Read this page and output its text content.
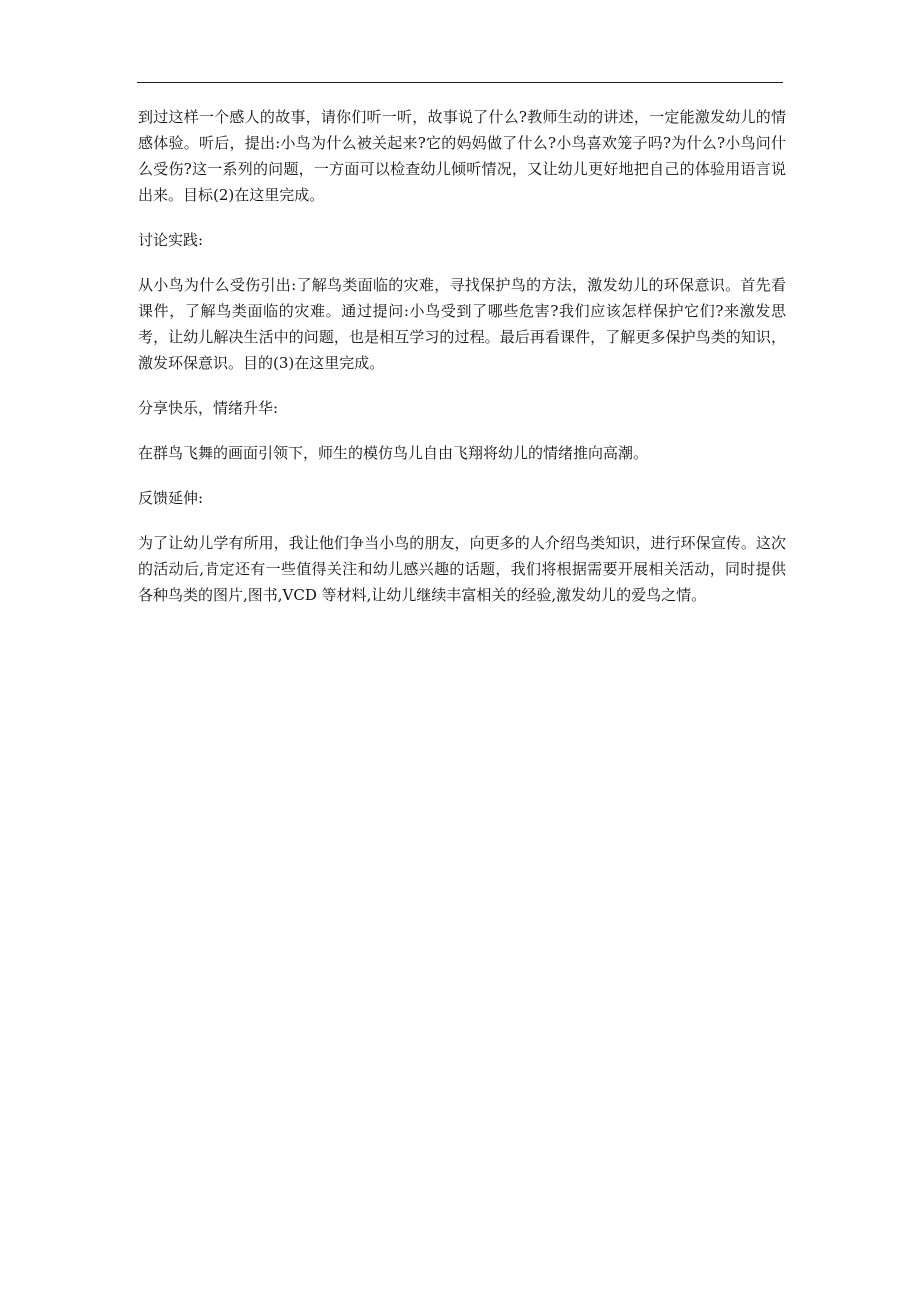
到过这样一个感人的故事，请你们听一听，故事说了什么?教师生动的讲述，一定能激发幼儿的情感体验。听后，提出:小鸟为什么被关起来?它的妈妈做了什么?小鸟喜欢笼子吗?为什么?小鸟问什么受伤?这一系列的问题，一方面可以检查幼儿倾听情况，又让幼儿更好地把自己的体验用语言说出来。目标(2)在这里完成。

讨论实践:

从小鸟为什么受伤引出:了解鸟类面临的灾难，寻找保护鸟的方法，激发幼儿的环保意识。首先看课件，了解鸟类面临的灾难。通过提问:小鸟受到了哪些危害?我们应该怎样保护它们?来激发思考，让幼儿解决生活中的问题，也是相互学习的过程。最后再看课件，了解更多保护鸟类的知识，激发环保意识。目的(3)在这里完成。

分享快乐，情绪升华:

在群鸟飞舞的画面引领下，师生的模仿鸟儿自由飞翔将幼儿的情绪推向高潮。

反馈延伸:

为了让幼儿学有所用，我让他们争当小鸟的朋友，向更多的人介绍鸟类知识，进行环保宣传。这次的活动后,肯定还有一些值得关注和幼儿感兴趣的话题，我们将根据需要开展相关活动，同时提供各种鸟类的图片,图书,VCD 等材料,让幼儿继续丰富相关的经验,激发幼儿的爱鸟之情。
